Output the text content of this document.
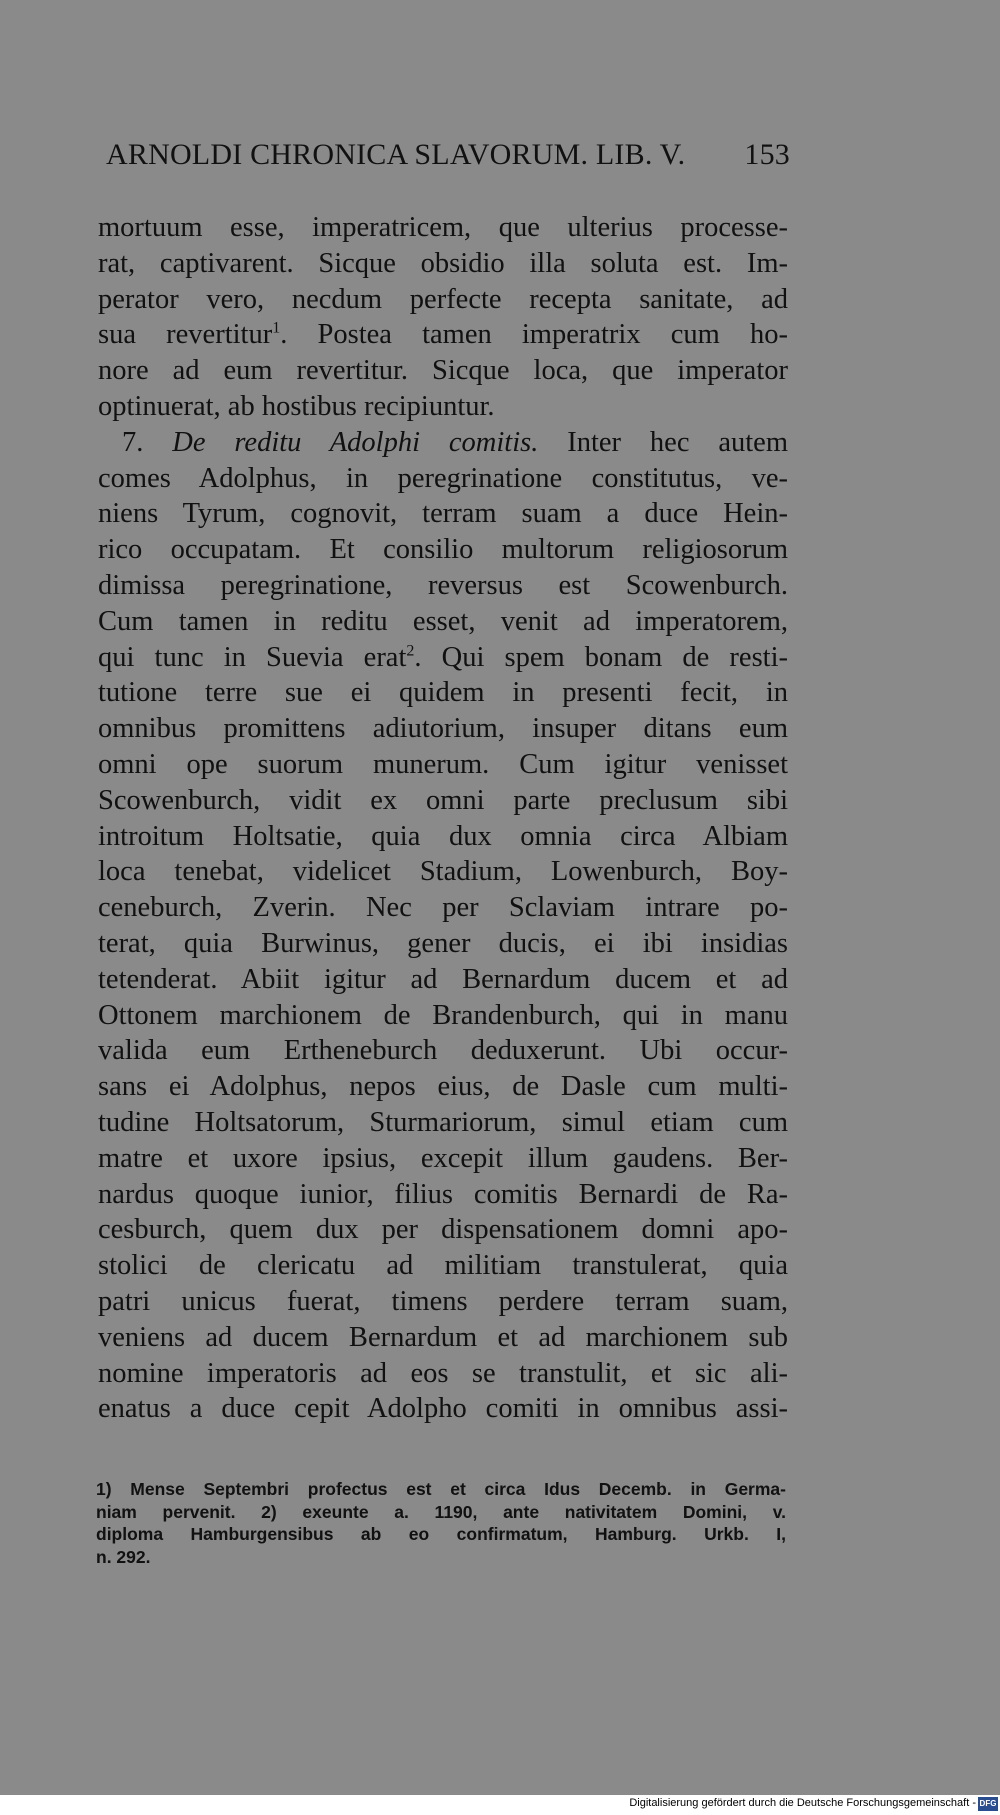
ARNOLDI CHRONICA SLAVORUM. LIB. V. 153
mortuum esse, imperatricem, que ulterius processe-
rat, captivarent. Sicque obsidio illa soluta est. Im-
perator vero, necdum perfecte recepta sanitate, ad
sua revertitur$^1$. Postea tamen imperatrix cum ho-
nore ad eum revertitur. Sicque loca, que imperator
optinuerat, ab hostibus recipiuntur.
7. De reditu Adolphi comitis. Inter hec autem
comes Adolphus, in peregrinatione constitutus, ve-
niens Tyrum, cognovit, terram suam a duce Hein-
rico occupatam. Et consilio multorum religiosorum
dimissa peregrinatione, reversus est Scowenburch.
Cum tamen in reditu esset, venit ad imperatorem,
qui tunc in Suevia erat$^2$. Qui spem bonam de resti-
tutione terre sue ei quidem in presenti fecit, in
omnibus promittens adiutorium, insuper ditans eum
omni ope suorum munerum. Cum igitur venisset
Scowenburch, vidit ex omni parte preclusum sibi
introitum Holtsatie, quia dux omnia circa Albiam
loca tenebat, videlicet Stadium, Lowenburch, Boy-
ceneburch, Zverin. Nec per Sclaviam intrare po-
terat, quia Burwinus, gener ducis, ei ibi insidias
tetenderat. Abiit igitur ad Bernardum ducem et ad
Ottonem marchionem de Brandenburch, qui in manu
valida eum Ertheneburch deduxerunt. Ubi occur-
sans ei Adolphus, nepos eius, de Dasle cum multi-
tudine Holtsatorum, Sturmariorum, simul etiam cum
matre et uxore ipsius, excepit illum gaudens. Ber-
nardus quoque iunior, filius comitis Bernardi de Ra-
cesburch, quem dux per dispensationem domni apo-
stolici de clericatu ad militiam transtulerat, quia
patri unicus fuerat, timens perdere terram suam,
veniens ad ducem Bernardum et ad marchionem sub
nomine imperatoris ad eos se transtulit, et sic ali-
enatus a duce cepit Adolpho comiti in omnibus assi-
1) Mense Septembri profectus est et circa Idus Decemb. in Germa-
niam pervenit. 2) exeunte a. 1190, ante nativitatem Domini, v.
diploma Hamburgensibus ab eo confirmatum, Hamburg. Urkb. I,
n. 292.
Digitalisierung gefördert durch die Deutsche Forschungsgemeinschaft - DFG
